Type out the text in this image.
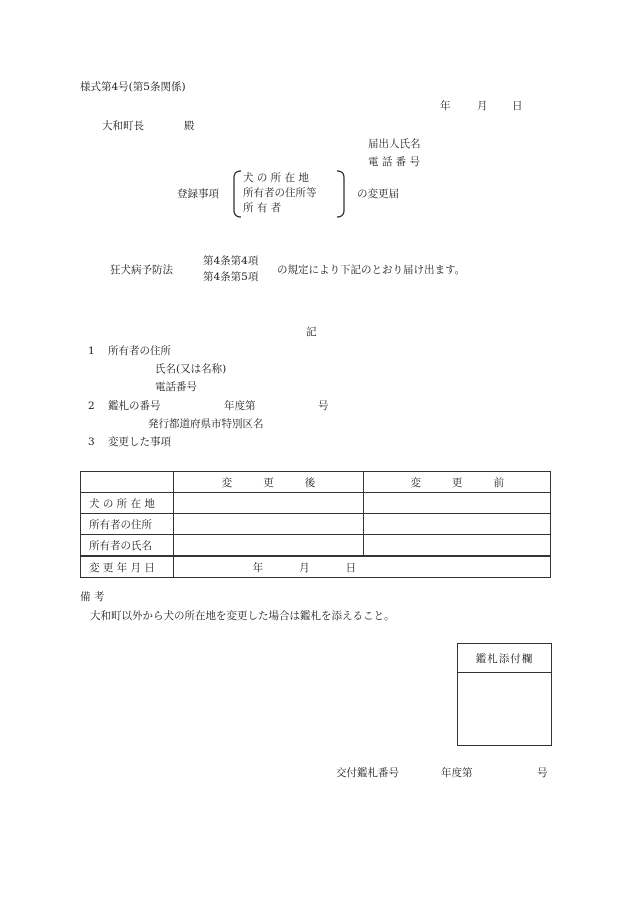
様式第4号(第5条関係)
年	月 日
大和町長	殿
届出人氏名
電 話 番 号
登録事項
犬 の 所 在 地
所有者の住所等
所 有 者
の変更届
狂犬病予防法
第4条第4項
第4条第5項
の規定により下記のとおり届け出ます。
記
1 所有者の住所
氏名(又は名称)
電話番号
2 鑑札の番号	年度第	号
発行都道府県市特別区名
3 変更した事項

	変 更 後	変 更 前

犬 の 所 在 地		
所有者の住所		
所有者の氏名		
変 更 年 月 日	年 月 日	
備 考
大和町以外から犬の所在地を変更した場合は鑑札を添えること。
鑑札添付欄
交付鑑札番号	年度第	号
